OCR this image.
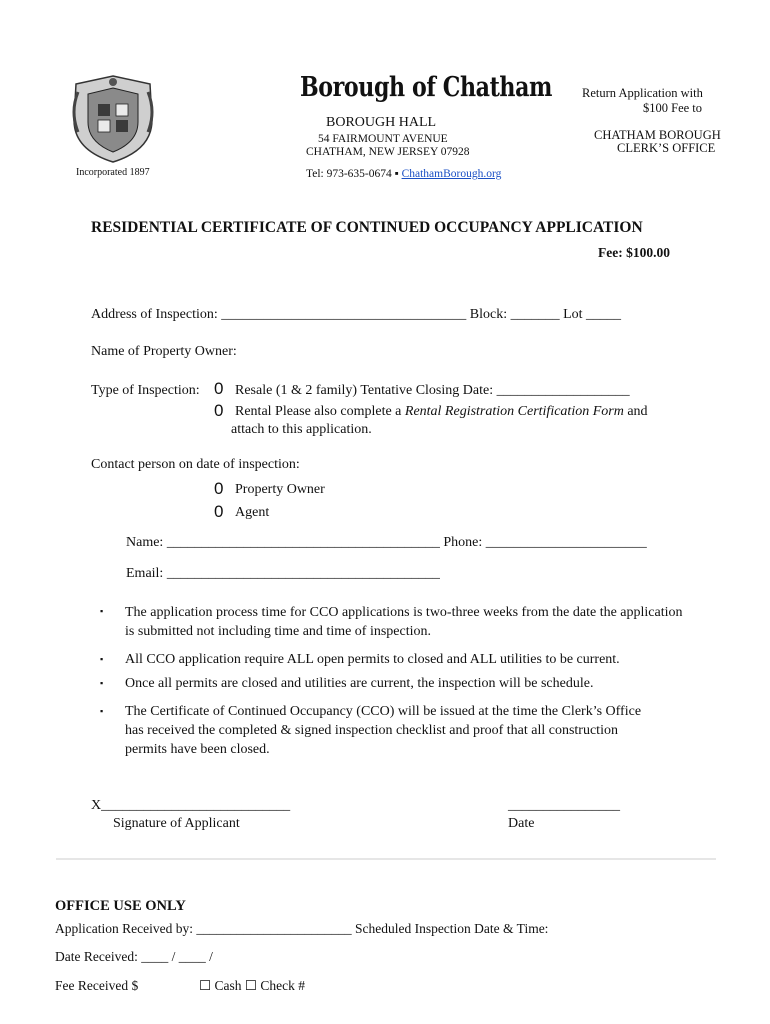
Incorporated 1897
Borough of Chatham
BOROUGH HALL
54 FAIRMOUNT AVENUE
CHATHAM, NEW JERSEY 07928
Tel: 973-635-0674 ▪ ChathamBorough.org
Return Application with
$100 Fee to
CHATHAM BOROUGH
CLERK’S OFFICE
RESIDENTIAL CERTIFICATE OF CONTINUED OCCUPANCY APPLICATION
Fee: $100.00
Address of Inspection: ___________________________________ Block: _______ Lot _____
Name of Property Owner:
Type of Inspection: 0 Resale (1 & 2 family) Tentative Closing Date: ___________________
0 Rental Please also complete a Rental Registration Certification Form and
attach to this application.
Contact person on date of inspection:
0 Property Owner
0 Agent
Name: _______________________________________ Phone: _______________________
Email: _______________________________________
▪ The application process time for CCO applications is two-three weeks from the date the application is submitted not including time and time of inspection.
▪ All CCO application require ALL open permits to closed and ALL utilities to be current.
▪ Once all permits are closed and utilities are current, the inspection will be schedule.
▪ The Certificate of Continued Occupancy (CCO) will be issued at the time the Clerk’s Office has received the completed & signed inspection checklist and proof that all construction permits have been closed.
X___________________________
Signature of Applicant
________________
Date
OFFICE USE ONLY
Application Received by: _______________________ Scheduled Inspection Date & Time:
Date Received: ____ / ____ /
Fee Received $	☐ Cash ☐ Check #
